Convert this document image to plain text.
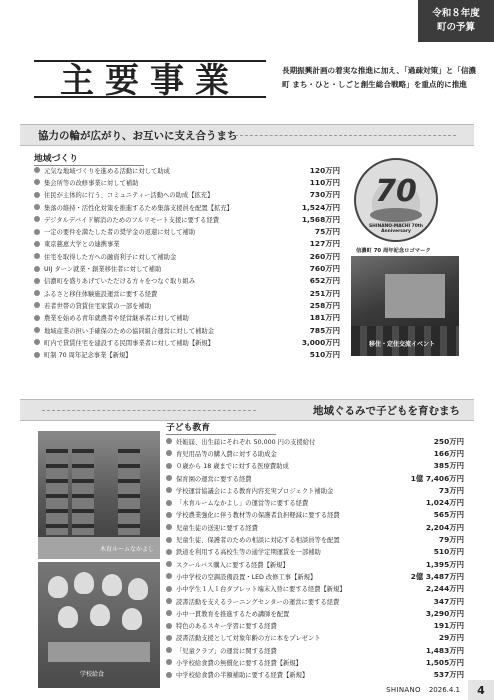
令和８年度
町の予算
主要事業	長期振興計画の着実な推進に加え、「過疎対策」と「信濃町 まち・ひと・しごと創生総合戦略」を重点的に推進
協力の輪が広がり、お互いに支え合うまち
地域づくり
元気な地域づくりを進める活動に対して助成	120万円
集会所等の改修事業に対して補助	110万円
住民が主体的に行う、コミュニティー活動への助成【拡充】	730万円
集落の維持・活性化対策を推進するため集落支援員を配置【拡充】	1,524万円
デジタルデバイド解消のためのフルリモート支援に要する経費	1,568万円
一定の要件を満たした者の奨学金の返還に対して補助	75万円
東京慈恵大学との連携事業	127万円
住宅を取得した方への融資利子に対して補助金	260万円
UIJ ターン就業・創業移住者に対して補助	760万円
信濃町を盛りあげていただける方々をつなぐ取り組み	652万円
ふるさと移住体験施設運営に要する経費	251万円
若者世帯の貸賃住宅家賃の一部を補助	258万円
農業を始める青年就農者や経営継承者に対して補助	181万円
地域産業の担い手確保のための協同組合運営に対して補助金	785万円
町内で貸賃住宅を建設する民間事業者に対して補助【新規】	3,000万円
町制 70 周年記念事業【新規】	510万円
70
SHINANO-MACHI 70th Anniversary
信濃町 70 周年記念ロゴマーク
移住・定住交流イベント
地域ぐるみで子どもを育むまち
子ども教育
妊娠届、出生届にそれぞれ 50,000 円の支援給付	250万円
育児用品等の購入費に対する助成金	166万円
０歳から 18 歳までに対する医療費助成	385万円
保育園の運営に要する経費	1億 7,406万円
学校運営協議会による教育内容充実プロジェクト補助金	73万円
「木育ルームなかよし」の運営等に要する経費	1,024万円
学校農業強化に伴う教材等の保護者負担軽減に要する経費	565万円
児童生徒の送迎に要する経費	2,204万円
児童生徒、保護者のための相談に対応する相談員等を配置	79万円
鉄道を利用する高校生等の通学定期運賃を一部補助	510万円
スクールバス購入に要する経費【新規】	1,395万円
小中学校の空調設備設置・LED 改修工事【新規】	2億 3,487万円
小中学生１人１台タブレット端末入替に要する経費【新規】	2,244万円
読書活動を支えるラーニングセンターの運営に要する経費	347万円
小中一貫教育を推進するため講師を配置	3,290万円
特色のあるスキー学習に要する経費	191万円
読書活動支援として対象年齢の方に本をプレゼント	29万円
「児童クラブ」の運営に関する経費	1,483万円
小学校給食費の無償化に要する経費【新規】	1,505万円
中学校給食費の半額補助に要する経費【新規】	537万円
木育ルームなかよし
学校給食
SHINANO 2026.4.1	4
